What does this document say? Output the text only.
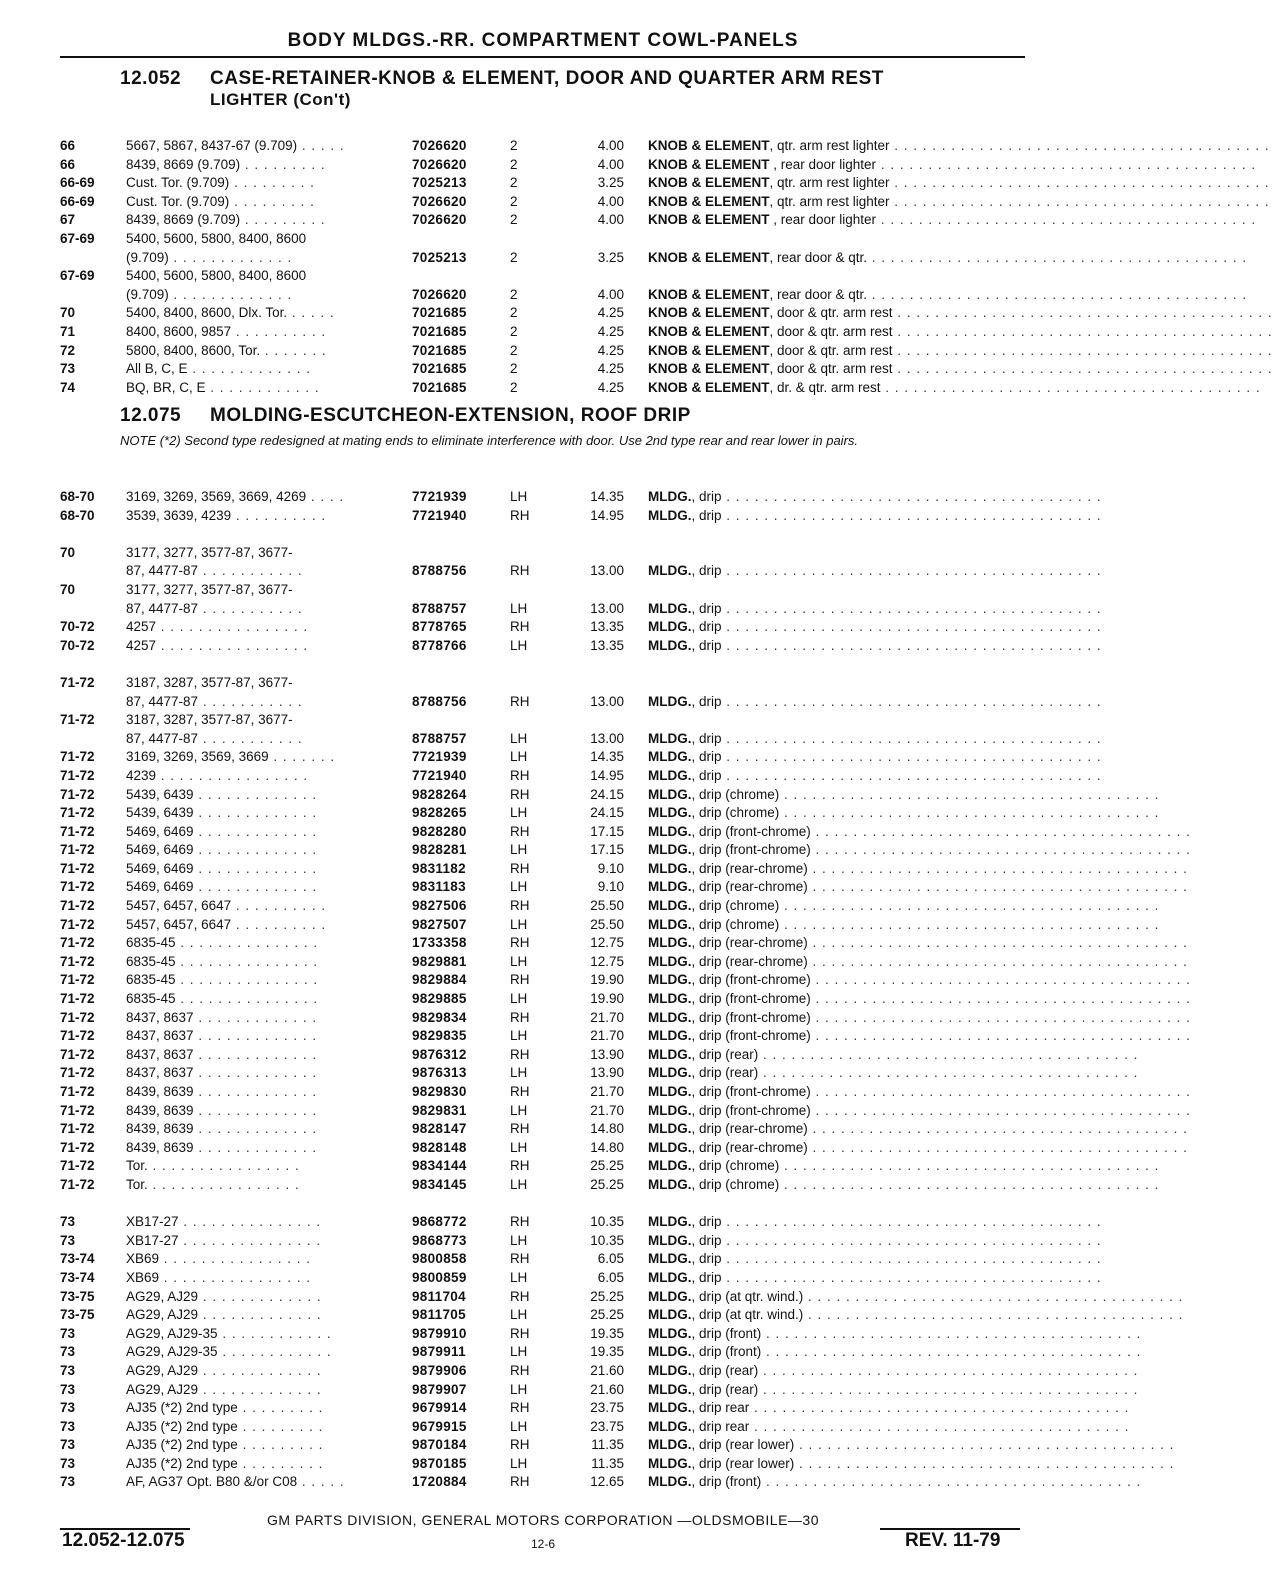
BODY MLDGS.-RR. COMPARTMENT COWL-PANELS
12.052 CASE-RETAINER-KNOB & ELEMENT, DOOR AND QUARTER ARM REST
LIGHTER (Con't)
66	5667, 5867, 8437-67 (9.709) . . . . .	7026620	2	4.00 KNOB & ELEMENT, qtr. arm rest lighter . . . . . . . . . . . . . . . . . . . . . . . . . . . . . . . . . . . . . . . .
66	8439, 8669 (9.709) . . . . . . . . .	7026620	2	4.00 KNOB & ELEMENT , rear door lighter . . . . . . . . . . . . . . . . . . . . . . . . . . . . . . . . . . . . . . . .
66-69	Cust. Tor. (9.709) . . . . . . . . .	7025213	2	3.25 KNOB & ELEMENT, qtr. arm rest lighter . . . . . . . . . . . . . . . . . . . . . . . . . . . . . . . . . . . . . . . .
66-69	Cust. Tor. (9.709) . . . . . . . . .	7026620	2	4.00 KNOB & ELEMENT, qtr. arm rest lighter . . . . . . . . . . . . . . . . . . . . . . . . . . . . . . . . . . . . . . . .
67	8439, 8669 (9.709) . . . . . . . . .	7026620	2	4.00 KNOB & ELEMENT , rear door lighter . . . . . . . . . . . . . . . . . . . . . . . . . . . . . . . . . . . . . . . .
67-69	5400, 5600, 5800, 8400, 8600
(9.709) . . . . . . . . . . . . .	7025213	2	3.25 KNOB & ELEMENT, rear door & qtr. . . . . . . . . . . . . . . . . . . . . . . . . . . . . . . . . . . . . . . . .
67-69	5400, 5600, 5800, 8400, 8600
(9.709) . . . . . . . . . . . . .	7026620	2	4.00 KNOB & ELEMENT, rear door & qtr. . . . . . . . . . . . . . . . . . . . . . . . . . . . . . . . . . . . . . . . .
70	5400, 8400, 8600, Dlx. Tor. . . . . .	7021685	2	4.25 KNOB & ELEMENT, door & qtr. arm rest . . . . . . . . . . . . . . . . . . . . . . . . . . . . . . . . . . . . . . . .
71	8400, 8600, 9857 . . . . . . . . . .	7021685	2	4.25 KNOB & ELEMENT, door & qtr. arm rest . . . . . . . . . . . . . . . . . . . . . . . . . . . . . . . . . . . . . . . .
72	5800, 8400, 8600, Tor. . . . . . . .	7021685	2	4.25 KNOB & ELEMENT, door & qtr. arm rest . . . . . . . . . . . . . . . . . . . . . . . . . . . . . . . . . . . . . . . .
73	All B, C, E . . . . . . . . . . . . .	7021685	2	4.25 KNOB & ELEMENT, door & qtr. arm rest . . . . . . . . . . . . . . . . . . . . . . . . . . . . . . . . . . . . . . . .
74	BQ, BR, C, E . . . . . . . . . . . .	7021685	2	4.25 KNOB & ELEMENT, dr. & qtr. arm rest . . . . . . . . . . . . . . . . . . . . . . . . . . . . . . . . . . . . . . . .
12.075 MOLDING-ESCUTCHEON-EXTENSION, ROOF DRIP
NOTE (*2) Second type redesigned at mating ends to eliminate interference with door. Use 2nd type rear and rear lower in pairs.
68-70	3169, 3269, 3569, 3669, 4269 . . . .	7721939	LH	14.35 MLDG., drip . . . . . . . . . . . . . . . . . . . . . . . . . . . . . . . . . . . . . . . .
68-70	3539, 3639, 4239 . . . . . . . . . .	7721940	RH	14.95 MLDG., drip . . . . . . . . . . . . . . . . . . . . . . . . . . . . . . . . . . . . . . . .
70	3177, 3277, 3577-87, 3677-
87, 4477-87 . . . . . . . . . . .	8788756	RH	13.00 MLDG., drip . . . . . . . . . . . . . . . . . . . . . . . . . . . . . . . . . . . . . . . .
70	3177, 3277, 3577-87, 3677-
87, 4477-87 . . . . . . . . . . .	8788757	LH	13.00 MLDG., drip . . . . . . . . . . . . . . . . . . . . . . . . . . . . . . . . . . . . . . . .
70-72	4257 . . . . . . . . . . . . . . . .	8778765	RH	13.35 MLDG., drip . . . . . . . . . . . . . . . . . . . . . . . . . . . . . . . . . . . . . . . .
70-72	4257 . . . . . . . . . . . . . . . .	8778766	LH	13.35 MLDG., drip . . . . . . . . . . . . . . . . . . . . . . . . . . . . . . . . . . . . . . . .
71-72	3187, 3287, 3577-87, 3677-
87, 4477-87 . . . . . . . . . . .	8788756	RH	13.00 MLDG., drip . . . . . . . . . . . . . . . . . . . . . . . . . . . . . . . . . . . . . . . .
71-72	3187, 3287, 3577-87, 3677-
87, 4477-87 . . . . . . . . . . .	8788757	LH	13.00 MLDG., drip . . . . . . . . . . . . . . . . . . . . . . . . . . . . . . . . . . . . . . . .
71-72	3169, 3269, 3569, 3669 . . . . . . .	7721939	LH	14.35 MLDG., drip . . . . . . . . . . . . . . . . . . . . . . . . . . . . . . . . . . . . . . . .
71-72	4239 . . . . . . . . . . . . . . . .	7721940	RH	14.95 MLDG., drip . . . . . . . . . . . . . . . . . . . . . . . . . . . . . . . . . . . . . . . .
71-72	5439, 6439 . . . . . . . . . . . . .	9828264	RH	24.15 MLDG., drip (chrome) . . . . . . . . . . . . . . . . . . . . . . . . . . . . . . . . . . . . . . . .
71-72	5439, 6439 . . . . . . . . . . . . .	9828265	LH	24.15 MLDG., drip (chrome) . . . . . . . . . . . . . . . . . . . . . . . . . . . . . . . . . . . . . . . .
71-72	5469, 6469 . . . . . . . . . . . . .	9828280	RH	17.15 MLDG., drip (front-chrome) . . . . . . . . . . . . . . . . . . . . . . . . . . . . . . . . . . . . . . . .
71-72	5469, 6469 . . . . . . . . . . . . .	9828281	LH	17.15 MLDG., drip (front-chrome) . . . . . . . . . . . . . . . . . . . . . . . . . . . . . . . . . . . . . . . .
71-72	5469, 6469 . . . . . . . . . . . . .	9831182	RH	9.10 MLDG., drip (rear-chrome) . . . . . . . . . . . . . . . . . . . . . . . . . . . . . . . . . . . . . . . .
71-72	5469, 6469 . . . . . . . . . . . . .	9831183	LH	9.10 MLDG., drip (rear-chrome) . . . . . . . . . . . . . . . . . . . . . . . . . . . . . . . . . . . . . . . .
71-72	5457, 6457, 6647 . . . . . . . . . .	9827506	RH	25.50 MLDG., drip (chrome) . . . . . . . . . . . . . . . . . . . . . . . . . . . . . . . . . . . . . . . .
71-72	5457, 6457, 6647 . . . . . . . . . .	9827507	LH	25.50 MLDG., drip (chrome) . . . . . . . . . . . . . . . . . . . . . . . . . . . . . . . . . . . . . . . .
71-72	6835-45 . . . . . . . . . . . . . . .	1733358	RH	12.75 MLDG., drip (rear-chrome) . . . . . . . . . . . . . . . . . . . . . . . . . . . . . . . . . . . . . . . .
71-72	6835-45 . . . . . . . . . . . . . . .	9829881	LH	12.75 MLDG., drip (rear-chrome) . . . . . . . . . . . . . . . . . . . . . . . . . . . . . . . . . . . . . . . .
71-72	6835-45 . . . . . . . . . . . . . . .	9829884	RH	19.90 MLDG., drip (front-chrome) . . . . . . . . . . . . . . . . . . . . . . . . . . . . . . . . . . . . . . . .
71-72	6835-45 . . . . . . . . . . . . . . .	9829885	LH	19.90 MLDG., drip (front-chrome) . . . . . . . . . . . . . . . . . . . . . . . . . . . . . . . . . . . . . . . .
71-72	8437, 8637 . . . . . . . . . . . . .	9829834	RH	21.70 MLDG., drip (front-chrome) . . . . . . . . . . . . . . . . . . . . . . . . . . . . . . . . . . . . . . . .
71-72	8437, 8637 . . . . . . . . . . . . .	9829835	LH	21.70 MLDG., drip (front-chrome) . . . . . . . . . . . . . . . . . . . . . . . . . . . . . . . . . . . . . . . .
71-72	8437, 8637 . . . . . . . . . . . . .	9876312	RH	13.90 MLDG., drip (rear) . . . . . . . . . . . . . . . . . . . . . . . . . . . . . . . . . . . . . . . .
71-72	8437, 8637 . . . . . . . . . . . . .	9876313	LH	13.90 MLDG., drip (rear) . . . . . . . . . . . . . . . . . . . . . . . . . . . . . . . . . . . . . . . .
71-72	8439, 8639 . . . . . . . . . . . . .	9829830	RH	21.70 MLDG., drip (front-chrome) . . . . . . . . . . . . . . . . . . . . . . . . . . . . . . . . . . . . . . . .
71-72	8439, 8639 . . . . . . . . . . . . .	9829831	LH	21.70 MLDG., drip (front-chrome) . . . . . . . . . . . . . . . . . . . . . . . . . . . . . . . . . . . . . . . .
71-72	8439, 8639 . . . . . . . . . . . . .	9828147	RH	14.80 MLDG., drip (rear-chrome) . . . . . . . . . . . . . . . . . . . . . . . . . . . . . . . . . . . . . . . .
71-72	8439, 8639 . . . . . . . . . . . . .	9828148	LH	14.80 MLDG., drip (rear-chrome) . . . . . . . . . . . . . . . . . . . . . . . . . . . . . . . . . . . . . . . .
71-72	Tor. . . . . . . . . . . . . . . . .	9834144	RH	25.25 MLDG., drip (chrome) . . . . . . . . . . . . . . . . . . . . . . . . . . . . . . . . . . . . . . . .
71-72	Tor. . . . . . . . . . . . . . . . .	9834145	LH	25.25 MLDG., drip (chrome) . . . . . . . . . . . . . . . . . . . . . . . . . . . . . . . . . . . . . . . .
73	XB17-27 . . . . . . . . . . . . . . .	9868772	RH	10.35 MLDG., drip . . . . . . . . . . . . . . . . . . . . . . . . . . . . . . . . . . . . . . . .
73	XB17-27 . . . . . . . . . . . . . . .	9868773	LH	10.35 MLDG., drip . . . . . . . . . . . . . . . . . . . . . . . . . . . . . . . . . . . . . . . .
73-74	XB69 . . . . . . . . . . . . . . . .	9800858	RH	6.05 MLDG., drip . . . . . . . . . . . . . . . . . . . . . . . . . . . . . . . . . . . . . . . .
73-74	XB69 . . . . . . . . . . . . . . . .	9800859	LH	6.05 MLDG., drip . . . . . . . . . . . . . . . . . . . . . . . . . . . . . . . . . . . . . . . .
73-75	AG29, AJ29 . . . . . . . . . . . . .	9811704	RH	25.25 MLDG., drip (at qtr. wind.) . . . . . . . . . . . . . . . . . . . . . . . . . . . . . . . . . . . . . . . .
73-75	AG29, AJ29 . . . . . . . . . . . . .	9811705	LH	25.25 MLDG., drip (at qtr. wind.) . . . . . . . . . . . . . . . . . . . . . . . . . . . . . . . . . . . . . . . .
73	AG29, AJ29-35 . . . . . . . . . . . .	9879910	RH	19.35 MLDG., drip (front) . . . . . . . . . . . . . . . . . . . . . . . . . . . . . . . . . . . . . . . .
73	AG29, AJ29-35 . . . . . . . . . . . .	9879911	LH	19.35 MLDG., drip (front) . . . . . . . . . . . . . . . . . . . . . . . . . . . . . . . . . . . . . . . .
73	AG29, AJ29 . . . . . . . . . . . . .	9879906	RH	21.60 MLDG., drip (rear) . . . . . . . . . . . . . . . . . . . . . . . . . . . . . . . . . . . . . . . .
73	AG29, AJ29 . . . . . . . . . . . . .	9879907	LH	21.60 MLDG., drip (rear) . . . . . . . . . . . . . . . . . . . . . . . . . . . . . . . . . . . . . . . .
73	AJ35 (*2) 2nd type . . . . . . . . .	9679914	RH	23.75 MLDG., drip rear . . . . . . . . . . . . . . . . . . . . . . . . . . . . . . . . . . . . . . . .
73	AJ35 (*2) 2nd type . . . . . . . . .	9679915	LH	23.75 MLDG., drip rear . . . . . . . . . . . . . . . . . . . . . . . . . . . . . . . . . . . . . . . .
73	AJ35 (*2) 2nd type . . . . . . . . .	9870184	RH	11.35 MLDG., drip (rear lower) . . . . . . . . . . . . . . . . . . . . . . . . . . . . . . . . . . . . . . . .
73	AJ35 (*2) 2nd type . . . . . . . . .	9870185	LH	11.35 MLDG., drip (rear lower) . . . . . . . . . . . . . . . . . . . . . . . . . . . . . . . . . . . . . . . .
73	AF, AG37 Opt. B80 &/or C08 . . . . .	1720884	RH	12.65 MLDG., drip (front) . . . . . . . . . . . . . . . . . . . . . . . . . . . . . . . . . . . . . . . .
GM PARTS DIVISION, GENERAL MOTORS CORPORATION —OLDSMOBILE—30
12.052-12.075	12-6	REV. 11-79
